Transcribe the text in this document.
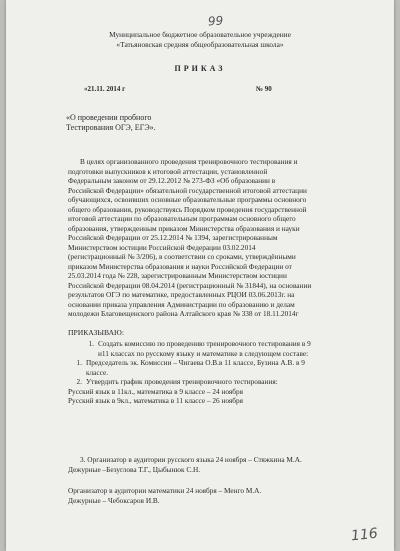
99
Муниципальное бюджетное образовательное учреждение
«Татьяновская средняя общеобразовательная школа»
ПРИКАЗ
«21.11. 2014 г	№ 90
«О проведении пробного
Тестирования ОГЭ, ЕГЭ».
В целях организованного проведения тренировочного тестирования и
подготовки выпускников к итоговой аттестации, установленной
Федеральным законом от 29.12.2012 № 273-ФЗ «Об образовании в
Российской Федерации» обязательной государственной итоговой аттестации
обучающихся, освоивших основные образовательные программы основного
общего образования, руководствуясь Порядком проведения государственной
итоговой аттестации по образовательным программам основного общего
образования, утвержденным приказом Министерства образования и науки
Российской Федерации от 25.12.2014 № 1394, зарегистрированным
Министерством юстиции Российской Федерации 03.02.2014
(регистрационный № 3/206), в соответствии со сроками, утверждёнными
приказом Министерства образования и науки Российской Федерации от
25.03.2014 года № 228, зарегистрированным Министерством юстиции
Российской Федерации 08.04.2014 (регистрационный № 31844), на основании
результатов ОГЭ по математике, предоставленных РЦОИ 03.06.2013г. на
основании приказа управления Администрации по образованию и делам
молодежи Благовещенского района Алтайского края № 338 от 18.11.2014г
ПРИКАЗЫВАЮ:
1. Создать комиссию по проведению тренировочного тестирования в 9
и11 классах по русскому языку и математике в следующем составе:
1. Председатель эк. Комиссии – Чигаева О.В.в 11 классе, Бузина А.В. в 9
классе.
2. Утвердить график проведения тренировочного тестирования:
Русский язык в 11кл., математика в 9 классе – 24 ноября
Русский язык в 9кл., математика в 11 классе – 26 ноября
3. Организатор в аудитории русского языка 24 ноября – Стяжкина М.А.
Дежурные –Безуглова Т.Г., Цыбынюк С.Н.
Организатор в аудитории математики 24 ноября – Менго М.А.
Дежурные – Чебоксаров И.В.
116
